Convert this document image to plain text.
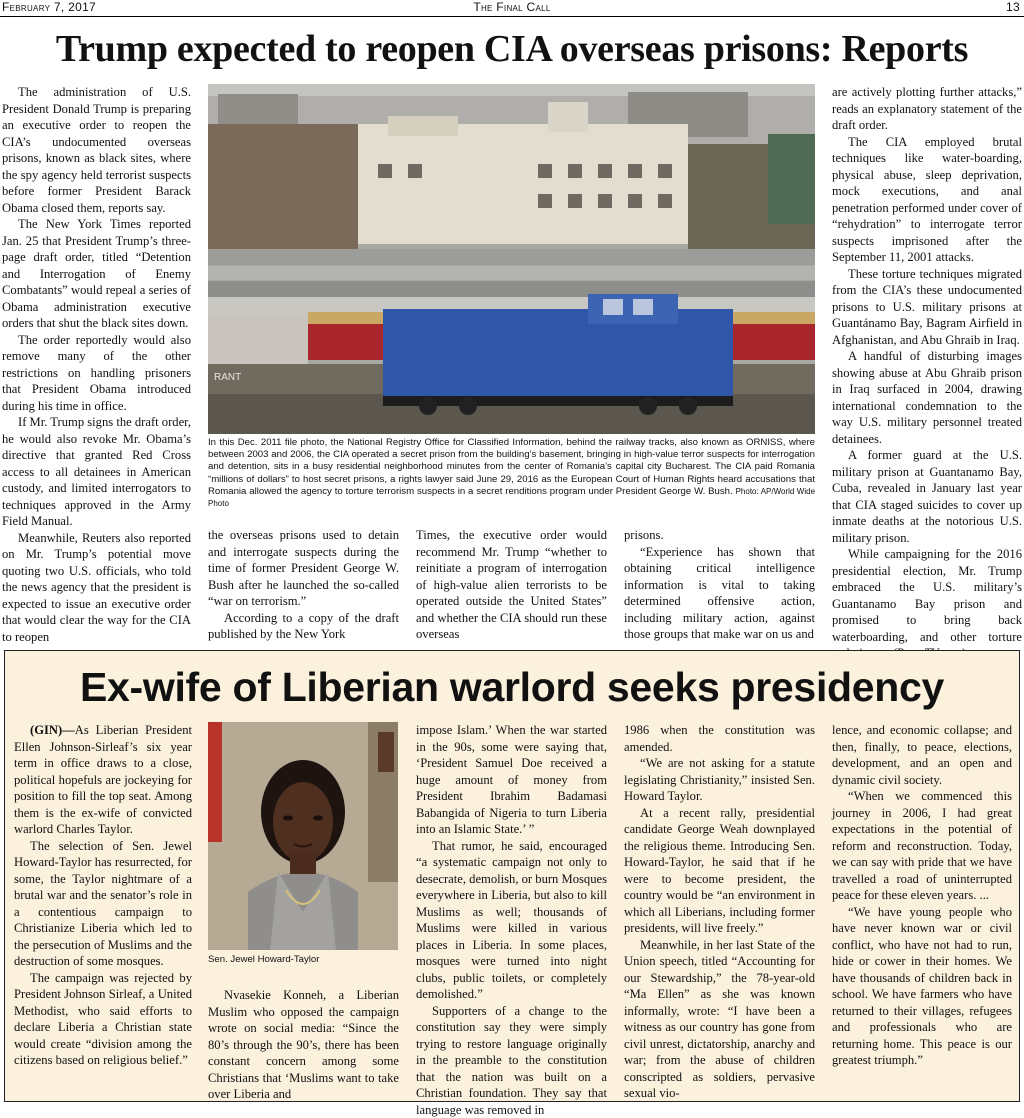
February 7, 2017	The Final Call	13
Trump expected to reopen CIA overseas prisons: Reports

The administration of U.S. President Donald Trump is preparing an executive order to reopen the CIA’s undocumented overseas prisons, known as black sites, where the spy agency held terrorist suspects before former President Barack Obama closed them, reports say.

The New York Times reported Jan. 25 that President Trump’s three-page draft order, titled “Detention and Interrogation of Enemy Combatants” would repeal a series of Obama administration executive orders that shut the black sites down.

The order reportedly would also remove many of the other restrictions on handling prisoners that President Obama introduced during his time in office.

If Mr. Trump signs the draft order, he would also revoke Mr. Obama’s directive that granted Red Cross access to all detainees in American custody, and limited interrogators to techniques approved in the Army Field Manual.

Meanwhile, Reuters also reported on Mr. Trump’s potential move quoting two U.S. officials, who told the news agency that the president is expected to issue an executive order that would clear the way for the CIA to reopen

RANT
In this Dec. 2011 file photo, the National Registry Office for Classified Information, behind the railway tracks, also known as ORNISS, where between 2003 and 2006, the CIA operated a secret prison from the building’s basement, bringing in high-value terror suspects for interrogation and detention, sits in a busy residential neighborhood minutes from the center of Romania’s capital city Bucharest. The CIA paid Romania “millions of dollars” to host secret prisons, a rights lawyer said June 29, 2016 as the European Court of Human Rights heard accusations that Romania allowed the agency to torture terrorism suspects in a secret renditions program under President George W. Bush. Photo: AP/World Wide Photo

the overseas prisons used to detain and interrogate suspects during the time of former President George W. Bush after he launched the so-called “war on terrorism.”

According to a copy of the draft published by the New York

Times, the executive order would recommend Mr. Trump “whether to reinitiate a program of interrogation of high-value alien terrorists to be operated outside the United States” and whether the CIA should run these overseas

prisons.

“Experience has shown that obtaining critical intelligence information is vital to taking determined offensive action, including military action, against those groups that make war on us and

are actively plotting further attacks,” reads an explanatory statement of the draft order.

The CIA employed brutal techniques like water-boarding, physical abuse, sleep deprivation, mock executions, and anal penetration performed under cover of “rehydration” to interrogate terror suspects imprisoned after the September 11, 2001 attacks.

These torture techniques migrated from the CIA’s these undocumented prisons to U.S. military prisons at Guantánamo Bay, Bagram Airfield in Afghanistan, and Abu Ghraib in Iraq.

A handful of disturbing images showing abuse at Abu Ghraib prison in Iraq surfaced in 2004, drawing international condemnation to the way U.S. military personnel treated detainees.

A former guard at the U.S. military prison at Guantanamo Bay, Cuba, revealed in January last year that CIA staged suicides to cover up inmate deaths at the notorious U.S. military prison.

While campaigning for the 2016 presidential election, Mr. Trump embraced the U.S. military’s Guantanamo Bay prison and promised to bring back waterboarding, and other torture

Ex-wife of Liberian warlord seeks presidency

(GIN)—As Liberian President Ellen Johnson-Sirleaf’s six year term in office draws to a close, political hopefuls are jockeying for position to fill the top seat. Among them is the ex-wife of convicted warlord Charles Taylor.

The selection of Sen. Jewel Howard-Taylor has resurrected, for some, the Taylor nightmare of a brutal war and the senator’s role in a contentious campaign to Christianize Liberia which led to the persecution of Muslims and the destruction of some mosques.

The campaign was rejected by President Johnson Sirleaf, a United Methodist, who said efforts to declare Liberia a Christian state would create “division among the citizens based on religious belief.”

Sen. Jewel Howard-Taylor

Nvasekie Konneh, a Liberian Muslim who opposed the campaign wrote on social media: “Since the 80’s through the 90’s, there has been constant concern among some Christians that ‘Muslims want to take over Liberia and

impose Islam.’ When the war started in the 90s, some were saying that, ‘President Samuel Doe received a huge amount of money from President Ibrahim Badamasi Babangida of Nigeria to turn Liberia into an Islamic State.’ ”

That rumor, he said, encouraged “a systematic campaign not only to desecrate, demolish, or burn Mosques everywhere in Liberia, but also to kill Muslims as well; thousands of Muslims were killed in various places in Liberia. In some places, mosques were turned into night clubs, public toilets, or completely demolished.”

Supporters of a change to the constitution say they were simply trying to restore language originally in the preamble to the constitution that the nation was built on a Christian foundation. They say that language was removed in

1986 when the constitution was amended.

“We are not asking for a statute legislating Christianity,” insisted Sen. Howard Taylor.

At a recent rally, presidential candidate George Weah downplayed the religious theme. Introducing Sen. Howard-Taylor, he said that if he were to become president, the country would be “an environment in which all Liberians, including former presidents, will live freely.”

Meanwhile, in her last State of the Union speech, titled “Accounting for our Stewardship,” the 78-year-old “Ma Ellen” as she was known informally, wrote: “I have been a witness as our country has gone from civil unrest, dictatorship, anarchy and war; from the abuse of children conscripted as soldiers, pervasive sexual vio-

lence, and economic collapse; and then, finally, to peace, elections, development, and an open and dynamic civil society.

“When we commenced this journey in 2006, I had great expectations in the potential of reform and reconstruction. Today, we can say with pride that we have travelled a road of uninterrupted peace for these eleven years. ...

“We have young people who have never known war or civil conflict, who have not had to run, hide or cower in their homes. We have thousands of children back in school. We have farmers who have returned to their villages, refugees and professionals who are returning home. This peace is our greatest triumph.”
